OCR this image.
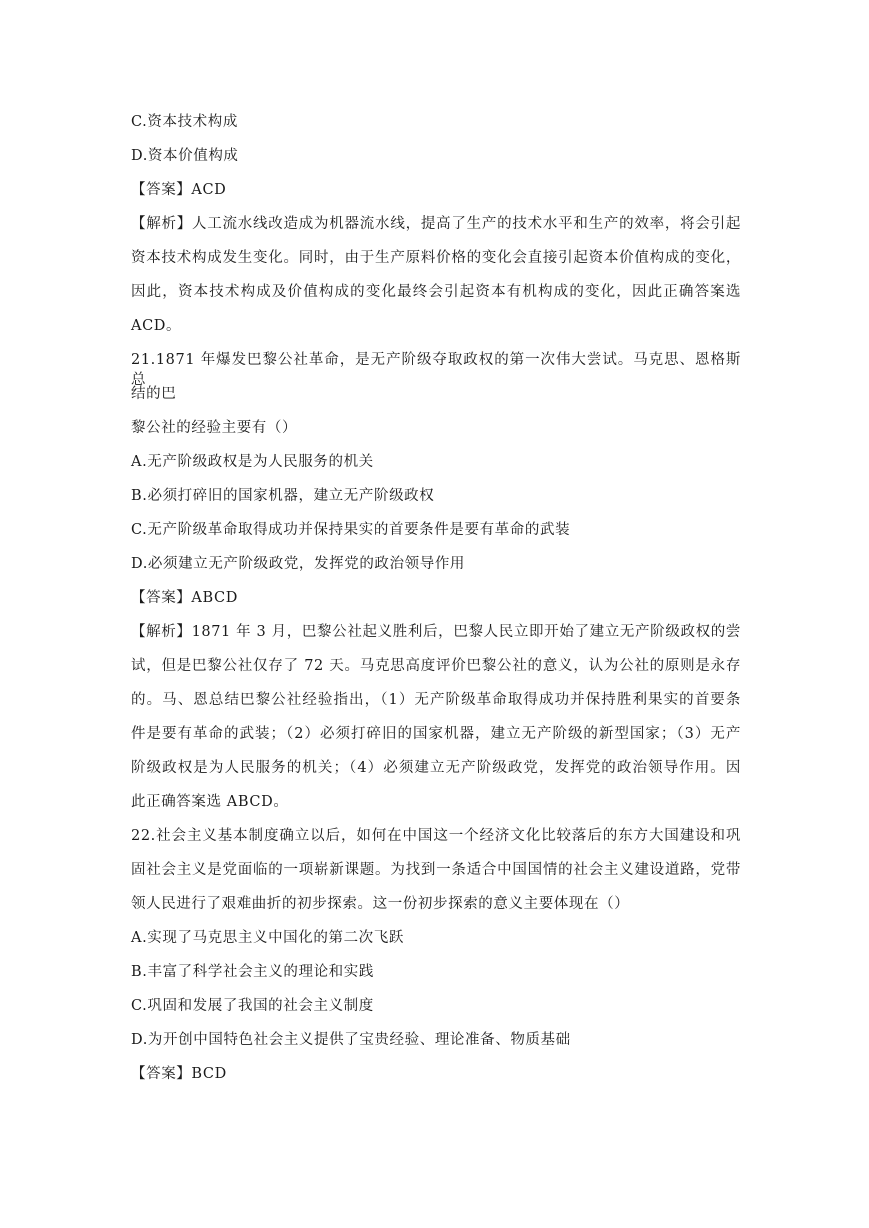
C.资本技术构成
D.资本价值构成
【答案】ACD
【解析】人工流水线改造成为机器流水线，提高了生产的技术水平和生产的效率，将会引起
资本技术构成发生变化。同时，由于生产原料价格的变化会直接引起资本价值构成的变化，
因此，资本技术构成及价值构成的变化最终会引起资本有机构成的变化，因此正确答案选
ACD。
21.1871 年爆发巴黎公社革命，是无产阶级夺取政权的第一次伟大尝试。马克思、恩格斯总
结的巴
黎公社的经验主要有（）
A.无产阶级政权是为人民服务的机关
B.必须打碎旧的国家机器，建立无产阶级政权
C.无产阶级革命取得成功并保持果实的首要条件是要有革命的武装
D.必须建立无产阶级政党，发挥党的政治领导作用
【答案】ABCD
【解析】1871 年 3 月，巴黎公社起义胜利后，巴黎人民立即开始了建立无产阶级政权的尝
试，但是巴黎公社仅存了 72 天。马克思高度评价巴黎公社的意义，认为公社的原则是永存
的。马、恩总结巴黎公社经验指出，（1）无产阶级革命取得成功并保持胜利果实的首要条
件是要有革命的武装；（2）必须打碎旧的国家机器，建立无产阶级的新型国家；（3）无产
阶级政权是为人民服务的机关；（4）必须建立无产阶级政党，发挥党的政治领导作用。因
此正确答案选 ABCD。
22.社会主义基本制度确立以后，如何在中国这一个经济文化比较落后的东方大国建设和巩
固社会主义是党面临的一项崭新课题。为找到一条适合中国国情的社会主义建设道路，党带
领人民进行了艰难曲折的初步探索。这一份初步探索的意义主要体现在（）
A.实现了马克思主义中国化的第二次飞跃
B.丰富了科学社会主义的理论和实践
C.巩固和发展了我国的社会主义制度
D.为开创中国特色社会主义提供了宝贵经验、理论准备、物质基础
【答案】BCD
